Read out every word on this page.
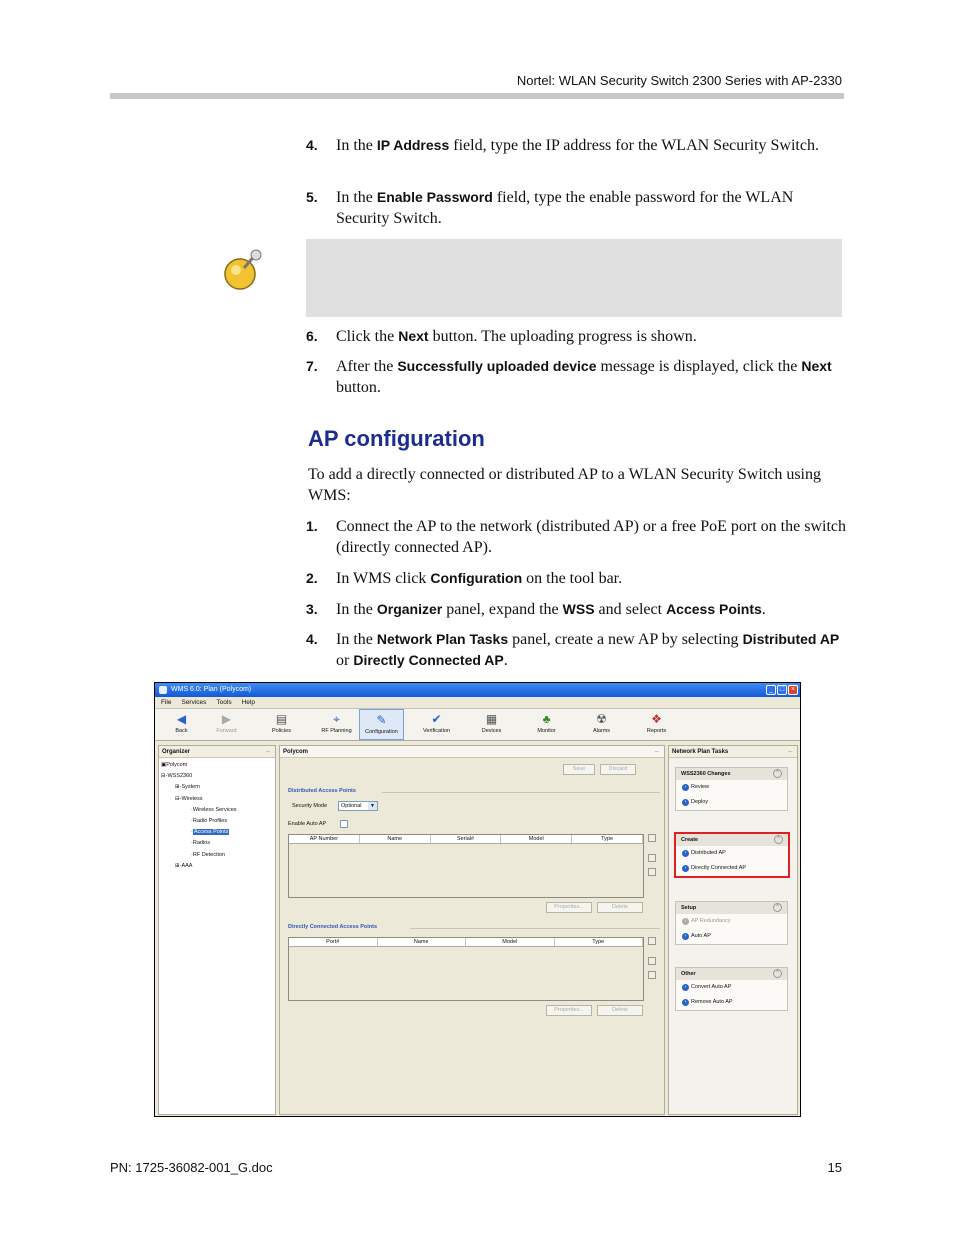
Nortel: WLAN Security Switch 2300 Series with AP-2330
4. In the IP Address field, type the IP address for the WLAN Security Switch.
5. In the Enable Password field, type the enable password for the WLAN Security Switch.
6. Click the Next button. The uploading progress is shown.
7. After the Successfully uploaded device message is displayed, click the Next button.
AP configuration
To add a directly connected or distributed AP to a WLAN Security Switch using WMS:
1. Connect the AP to the network (distributed AP) or a free PoE port on the switch (directly connected AP).
2. In WMS click Configuration on the tool bar.
3. In the Organizer panel, expand the WSS and select Access Points.
4. In the Network Plan Tasks panel, create a new AP by selecting Distributed AP or Directly Connected AP.
WMS 6.0: Plan (Polycom)	_ □ ×
File Services Tools Help
◀
Back
▶
Forward
▤
Policies
⌖
RF Planning
✎
Configuration
✔
Verification
▦
Devices
♣
Monitor
☢
Alarms
❖
Reports
Organizer	⇔
▣Polycom
⊟-WSS2360
⊞-System
⊟-Wireless
·Wireless Services
·Radio Profiles
·Access Points
·Radios
·RF Detection
⊞-AAA
Polycom	⇔
Save	Discard
Distributed Access Points
Security Mode	Optional	▼
Enable Auto AP
AP Number	Name	Serial#	Model	Type
Properties...	Delete
Directly Connected Access Points
Port#	Name	Model	Type
Properties...	Delete
Network Plan Tasks	⇔
WSS2360 Changes	⌃
› Review
› Deploy
Create	⌃
› Distributed AP
› Directly Connected AP
Setup	⌃
› AP Redundancy
› Auto AP
Other	⌃
› Convert Auto AP
› Remove Auto AP
PN: 1725-36082-001_G.doc	15
